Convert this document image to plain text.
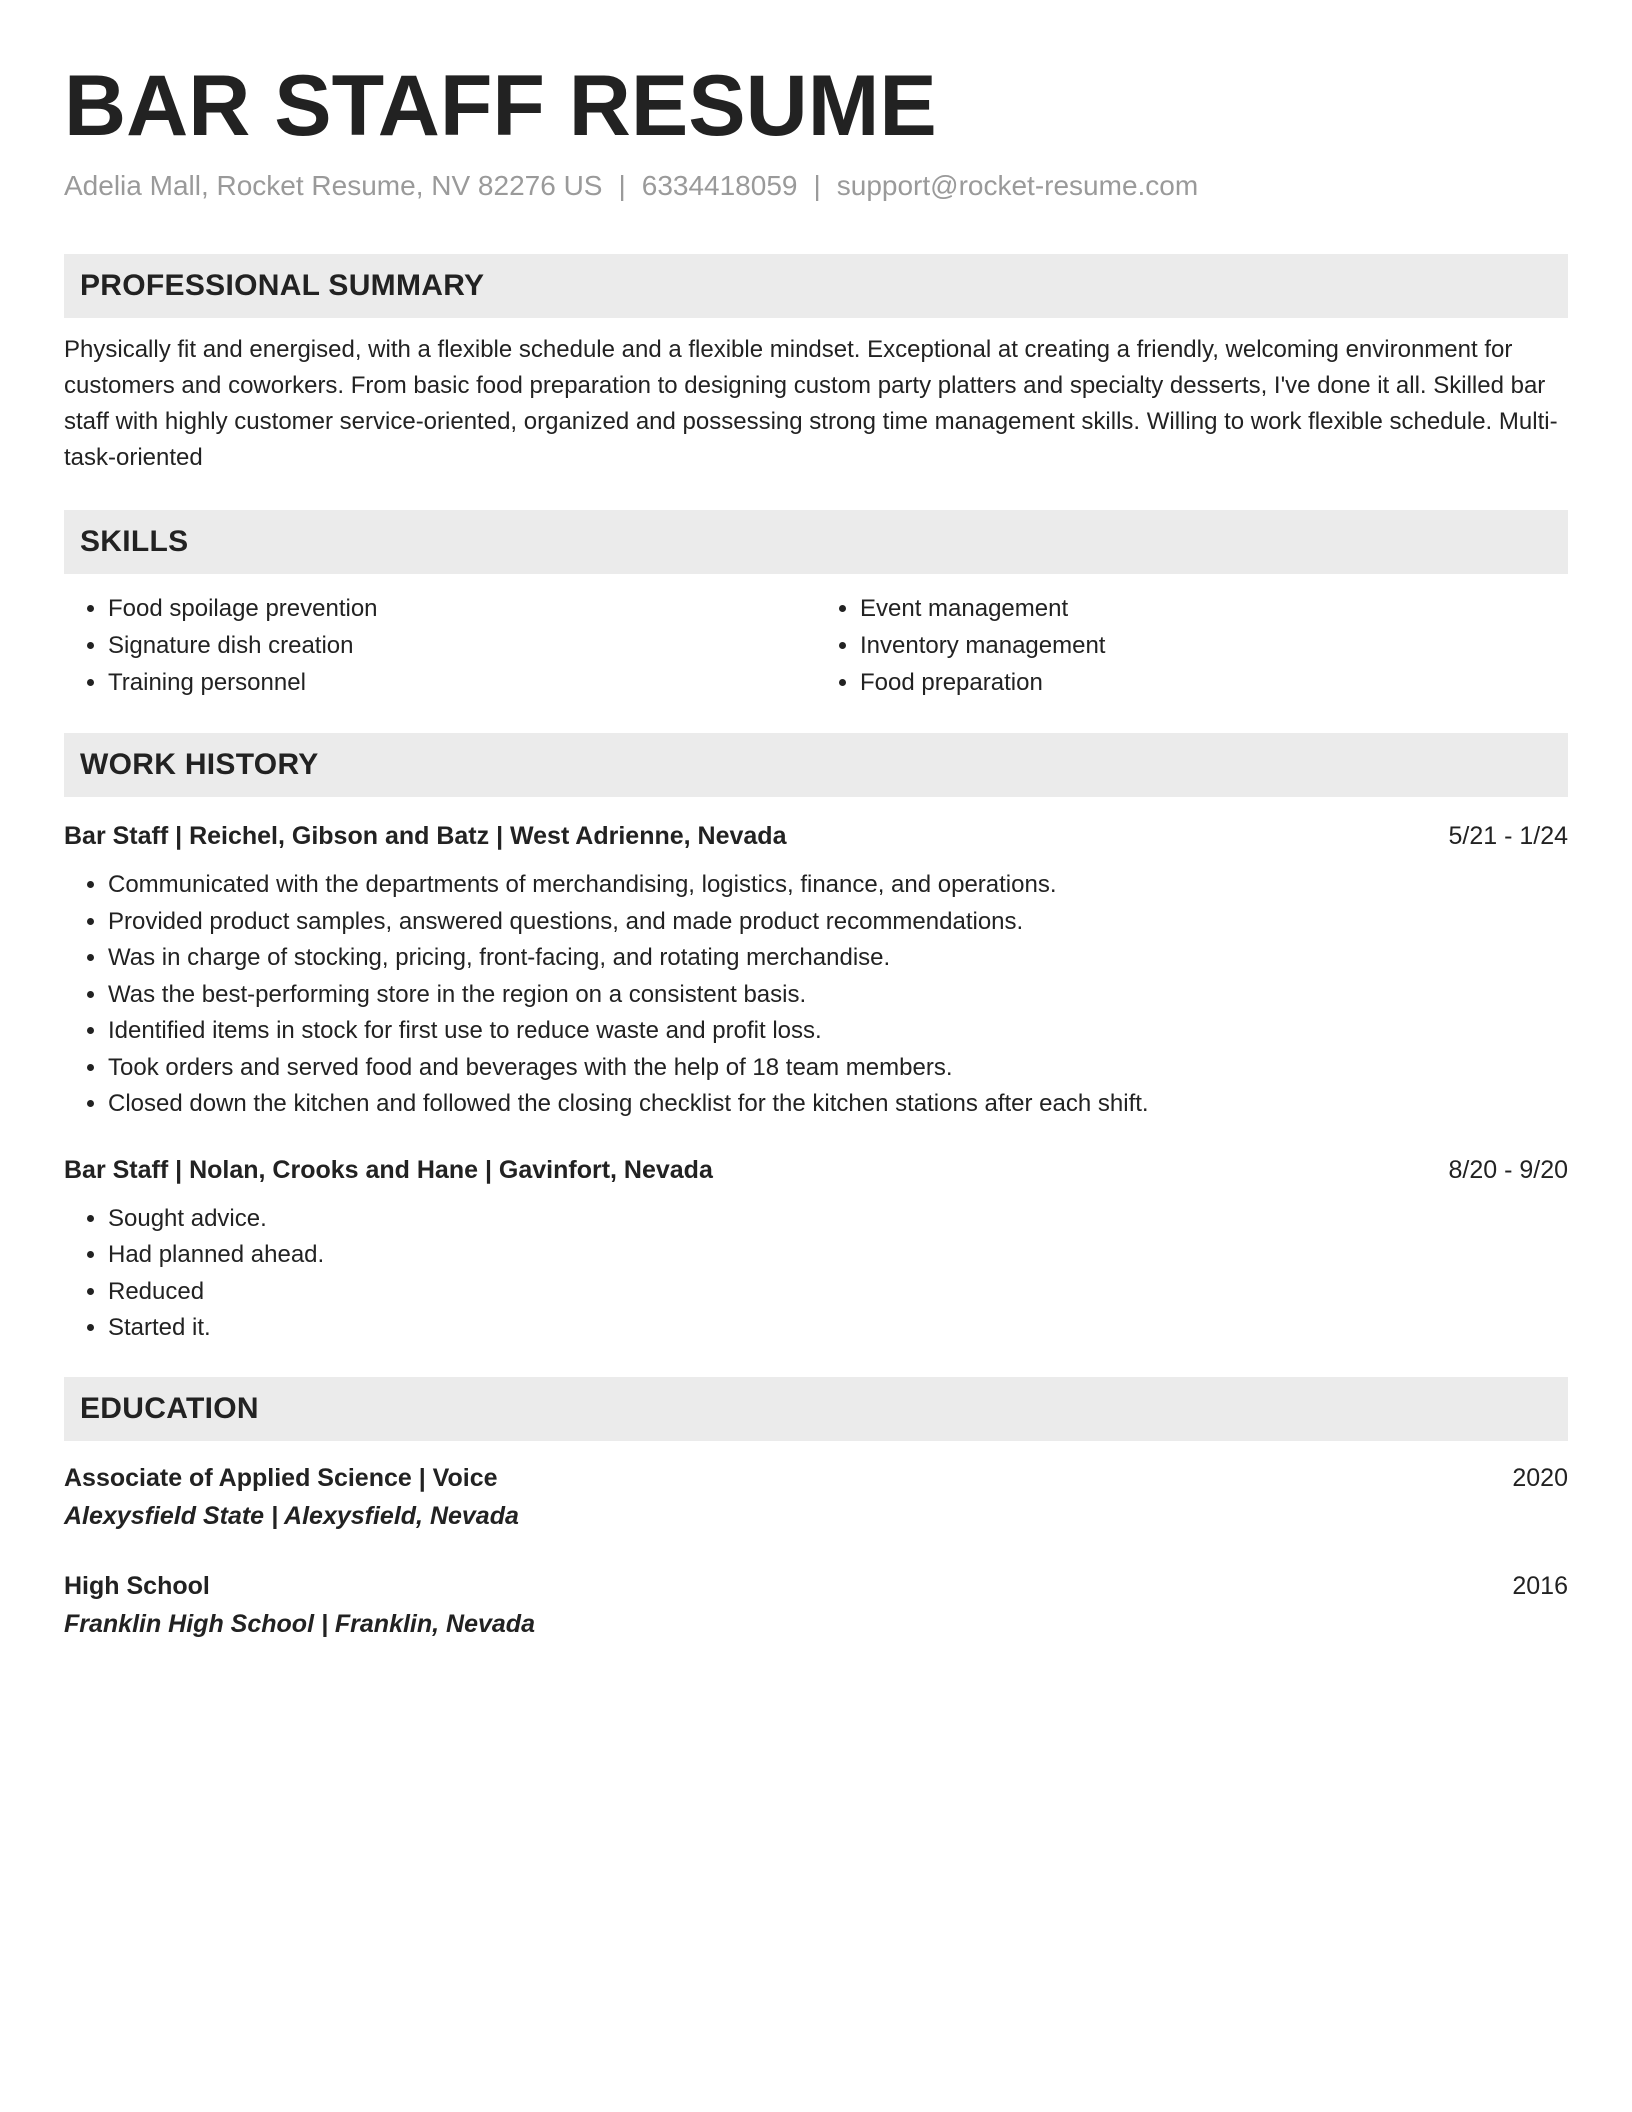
BAR STAFF RESUME
Adelia Mall, Rocket Resume, NV 82276 US | 6334418059 | support@rocket-resume.com
PROFESSIONAL SUMMARY

Physically fit and energised, with a flexible schedule and a flexible mindset. Exceptional at creating a friendly, welcoming environment for customers and coworkers. From basic food preparation to designing custom party platters and specialty desserts, I've done it all. Skilled bar staff with highly customer service-oriented, organized and possessing strong time management skills. Willing to work flexible schedule. Multi-task-oriented

SKILLS
• Food spoilage prevention
• Signature dish creation
• Training personnel
• Event management
• Inventory management
• Food preparation
WORK HISTORY
Bar Staff | Reichel, Gibson and Batz | West Adrienne, Nevada	5/21 - 1/24
• Communicated with the departments of merchandising, logistics, finance, and operations.
• Provided product samples, answered questions, and made product recommendations.
• Was in charge of stocking, pricing, front-facing, and rotating merchandise.
• Was the best-performing store in the region on a consistent basis.
• Identified items in stock for first use to reduce waste and profit loss.
• Took orders and served food and beverages with the help of 18 team members.
• Closed down the kitchen and followed the closing checklist for the kitchen stations after each shift.
Bar Staff | Nolan, Crooks and Hane | Gavinfort, Nevada	8/20 - 9/20
• Sought advice.
• Had planned ahead.
• Reduced
• Started it.
EDUCATION
Associate of Applied Science | Voice	2020
Alexysfield State | Alexysfield, Nevada
High School	2016
Franklin High School | Franklin, Nevada
